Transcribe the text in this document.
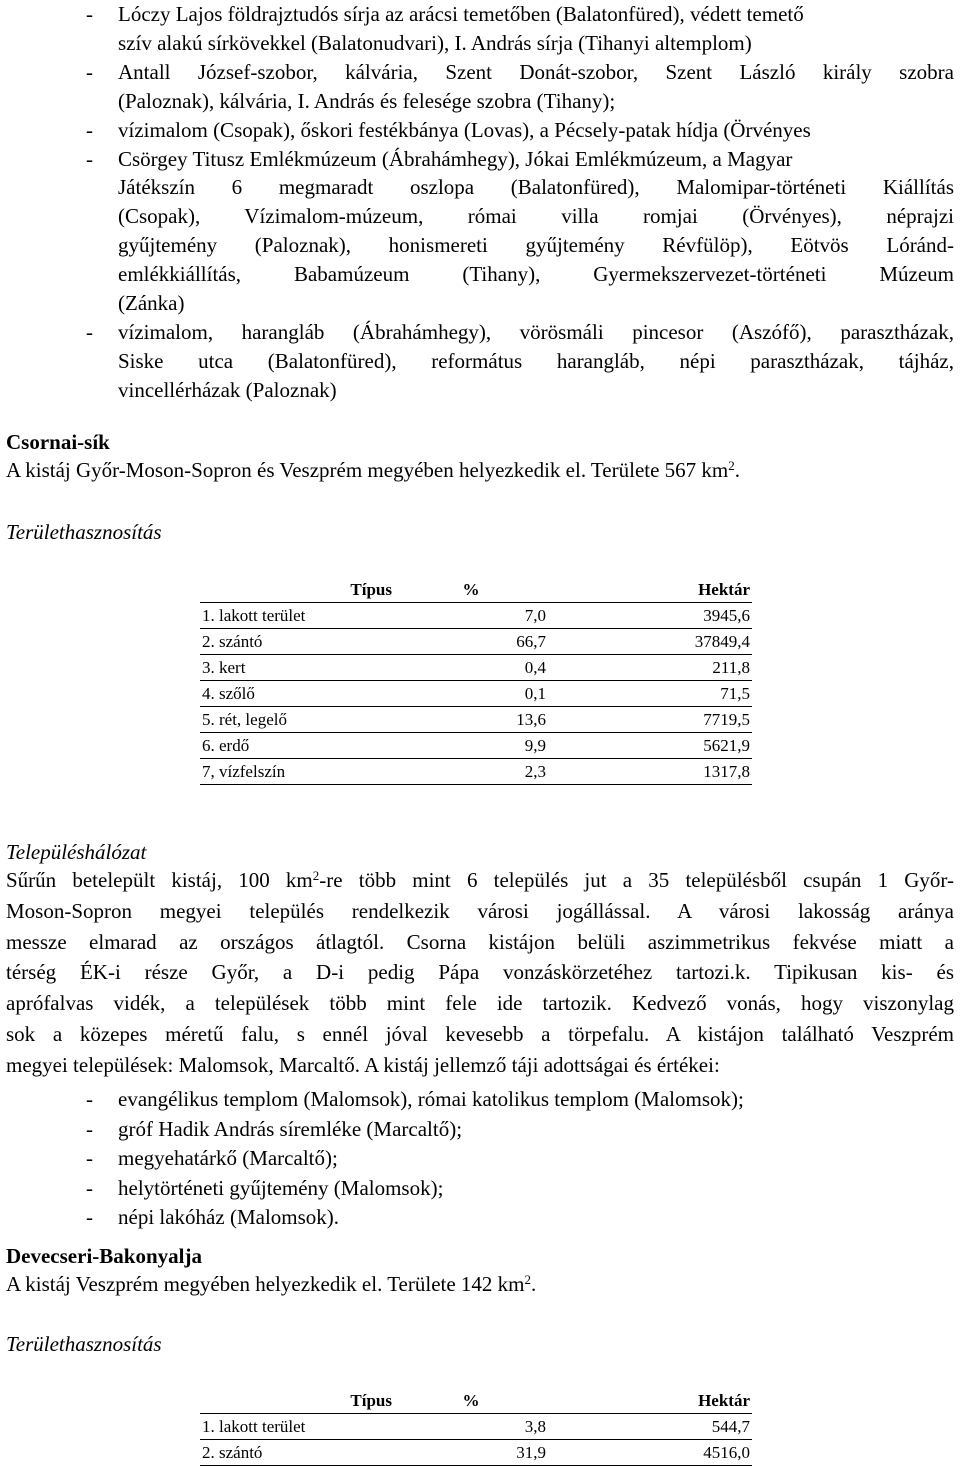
-	Lóczy Lajos földrajztudós sírja az arácsi temetőben (Balatonfüred), védett temető
szív alakú sírkövekkel (Balatonudvari), I. András sírja (Tihanyi altemplom)
-	Antall József-szobor, kálvária, Szent Donát-szobor, Szent László király szobra
(Paloznak), kálvária, I. András és felesége szobra (Tihany);
-	vízimalom (Csopak), őskori festékbánya (Lovas), a Pécsely-patak hídja (Örvényes
-	Csörgey Titusz Emlékmúzeum (Ábrahámhegy), Jókai Emlékmúzeum, a Magyar
Játékszín 6 megmaradt oszlopa (Balatonfüred), Malomipar-történeti Kiállítás
(Csopak), Vízimalom-múzeum, római villa romjai (Örvényes), néprajzi
gyűjtemény (Paloznak), honismereti gyűjtemény Révfülöp), Eötvös Lóránd-
emlékkiállítás, Babamúzeum (Tihany), Gyermekszervezet-történeti Múzeum
(Zánka)
-	vízimalom, harangláb (Ábrahámhegy), vörösmáli pincesor (Aszófő), parasztházak,
Siske utca (Balatonfüred), református harangláb, népi parasztházak, tájház,
vincellérházak (Paloznak)
Csornai-sík
A kistáj Győr-Moson-Sopron és Veszprém megyében helyezkedik el. Területe 567 $km^2$.
Területhasznosítás
Típus	%	Hektár
1. lakott terület	7,0	3945,6
2. szántó	66,7	37849,4
3. kert	0,4	211,8
4. szőlő	0,1	71,5
5. rét, legelő	13,6	7719,5
6. erdő	9,9	5621,9
7, vízfelszín	2,3	1317,8
Településhálózat
Sűrűn betelepült kistáj, 100 $km^2-re$ több mint 6 település jut a 35 településből csupán 1 Győr-
Moson-Sopron megyei település rendelkezik városi jogállással. A városi lakosság aránya
messze elmarad az országos átlagtól. Csorna kistájon belüli aszimmetrikus fekvése miatt a
térség ÉK-i része Győr, a D-i pedig Pápa vonzáskörzetéhez tartozi.k. Tipikusan kis- és
aprófalvas vidék, a települések több mint fele ide tartozik. Kedvező vonás, hogy viszonylag
sok a közepes méretű falu, s ennél jóval kevesebb a törpefalu. A kistájon található Veszprém
megyei települések: Malomsok, Marcaltő. A kistáj jellemző táji adottságai és értékei:
-	evangélikus templom (Malomsok), római katolikus templom (Malomsok);
-	gróf Hadik András síremléke (Marcaltő);
-	megyehatárkő (Marcaltő);
-	helytörténeti gyűjtemény (Malomsok);
-	népi lakóház (Malomsok).
Devecseri-Bakonyalja
A kistáj Veszprém megyében helyezkedik el. Területe 142 $km^2$.
Területhasznosítás
Típus	%	Hektár
1. lakott terület	3,8	544,7
2. szántó	31,9	4516,0
